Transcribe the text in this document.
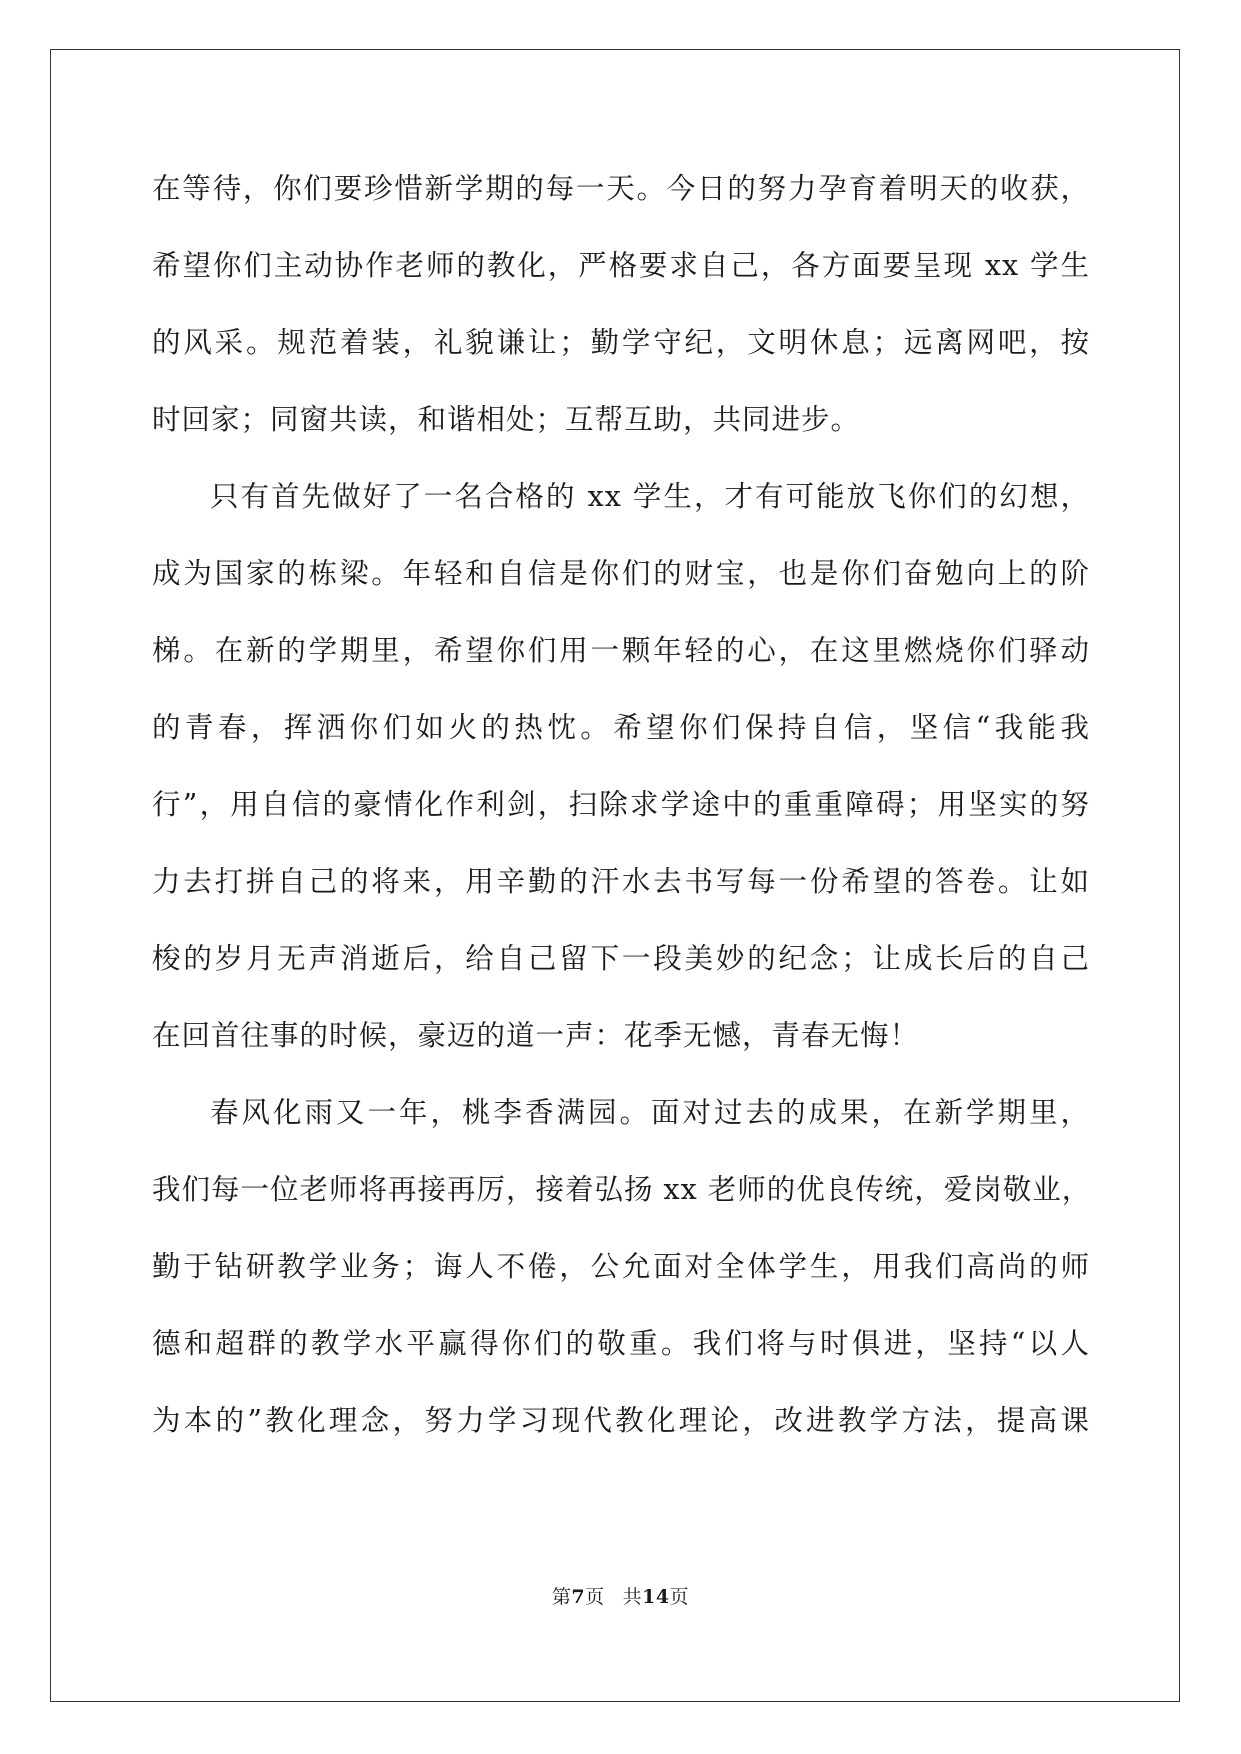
在等待，你们要珍惜新学期的每一天。今日的努力孕育着明天的收获，
希望你们主动协作老师的教化，严格要求自己，各方面要呈现 xx 学生
的风采。规范着装，礼貌谦让；勤学守纪，文明休息；远离网吧，按
时回家；同窗共读，和谐相处；互帮互助，共同进步。
只有首先做好了一名合格的 xx 学生，才有可能放飞你们的幻想，
成为国家的栋梁。年轻和自信是你们的财宝，也是你们奋勉向上的阶
梯。在新的学期里，希望你们用一颗年轻的心，在这里燃烧你们驿动
的青春，挥洒你们如火的热忱。希望你们保持自信，坚信“我能我
行”，用自信的豪情化作利剑，扫除求学途中的重重障碍；用坚实的努
力去打拼自己的将来，用辛勤的汗水去书写每一份希望的答卷。让如
梭的岁月无声消逝后，给自己留下一段美妙的纪念；让成长后的自己
在回首往事的时候，豪迈的道一声：花季无憾，青春无悔！
春风化雨又一年，桃李香满园。面对过去的成果，在新学期里，
我们每一位老师将再接再厉，接着弘扬 xx 老师的优良传统，爱岗敬业，
勤于钻研教学业务；诲人不倦，公允面对全体学生，用我们高尚的师
德和超群的教学水平赢得你们的敬重。我们将与时俱进，坚持“以人
为本的”教化理念，努力学习现代教化理论，改进教学方法，提高课
第7页 共14页
